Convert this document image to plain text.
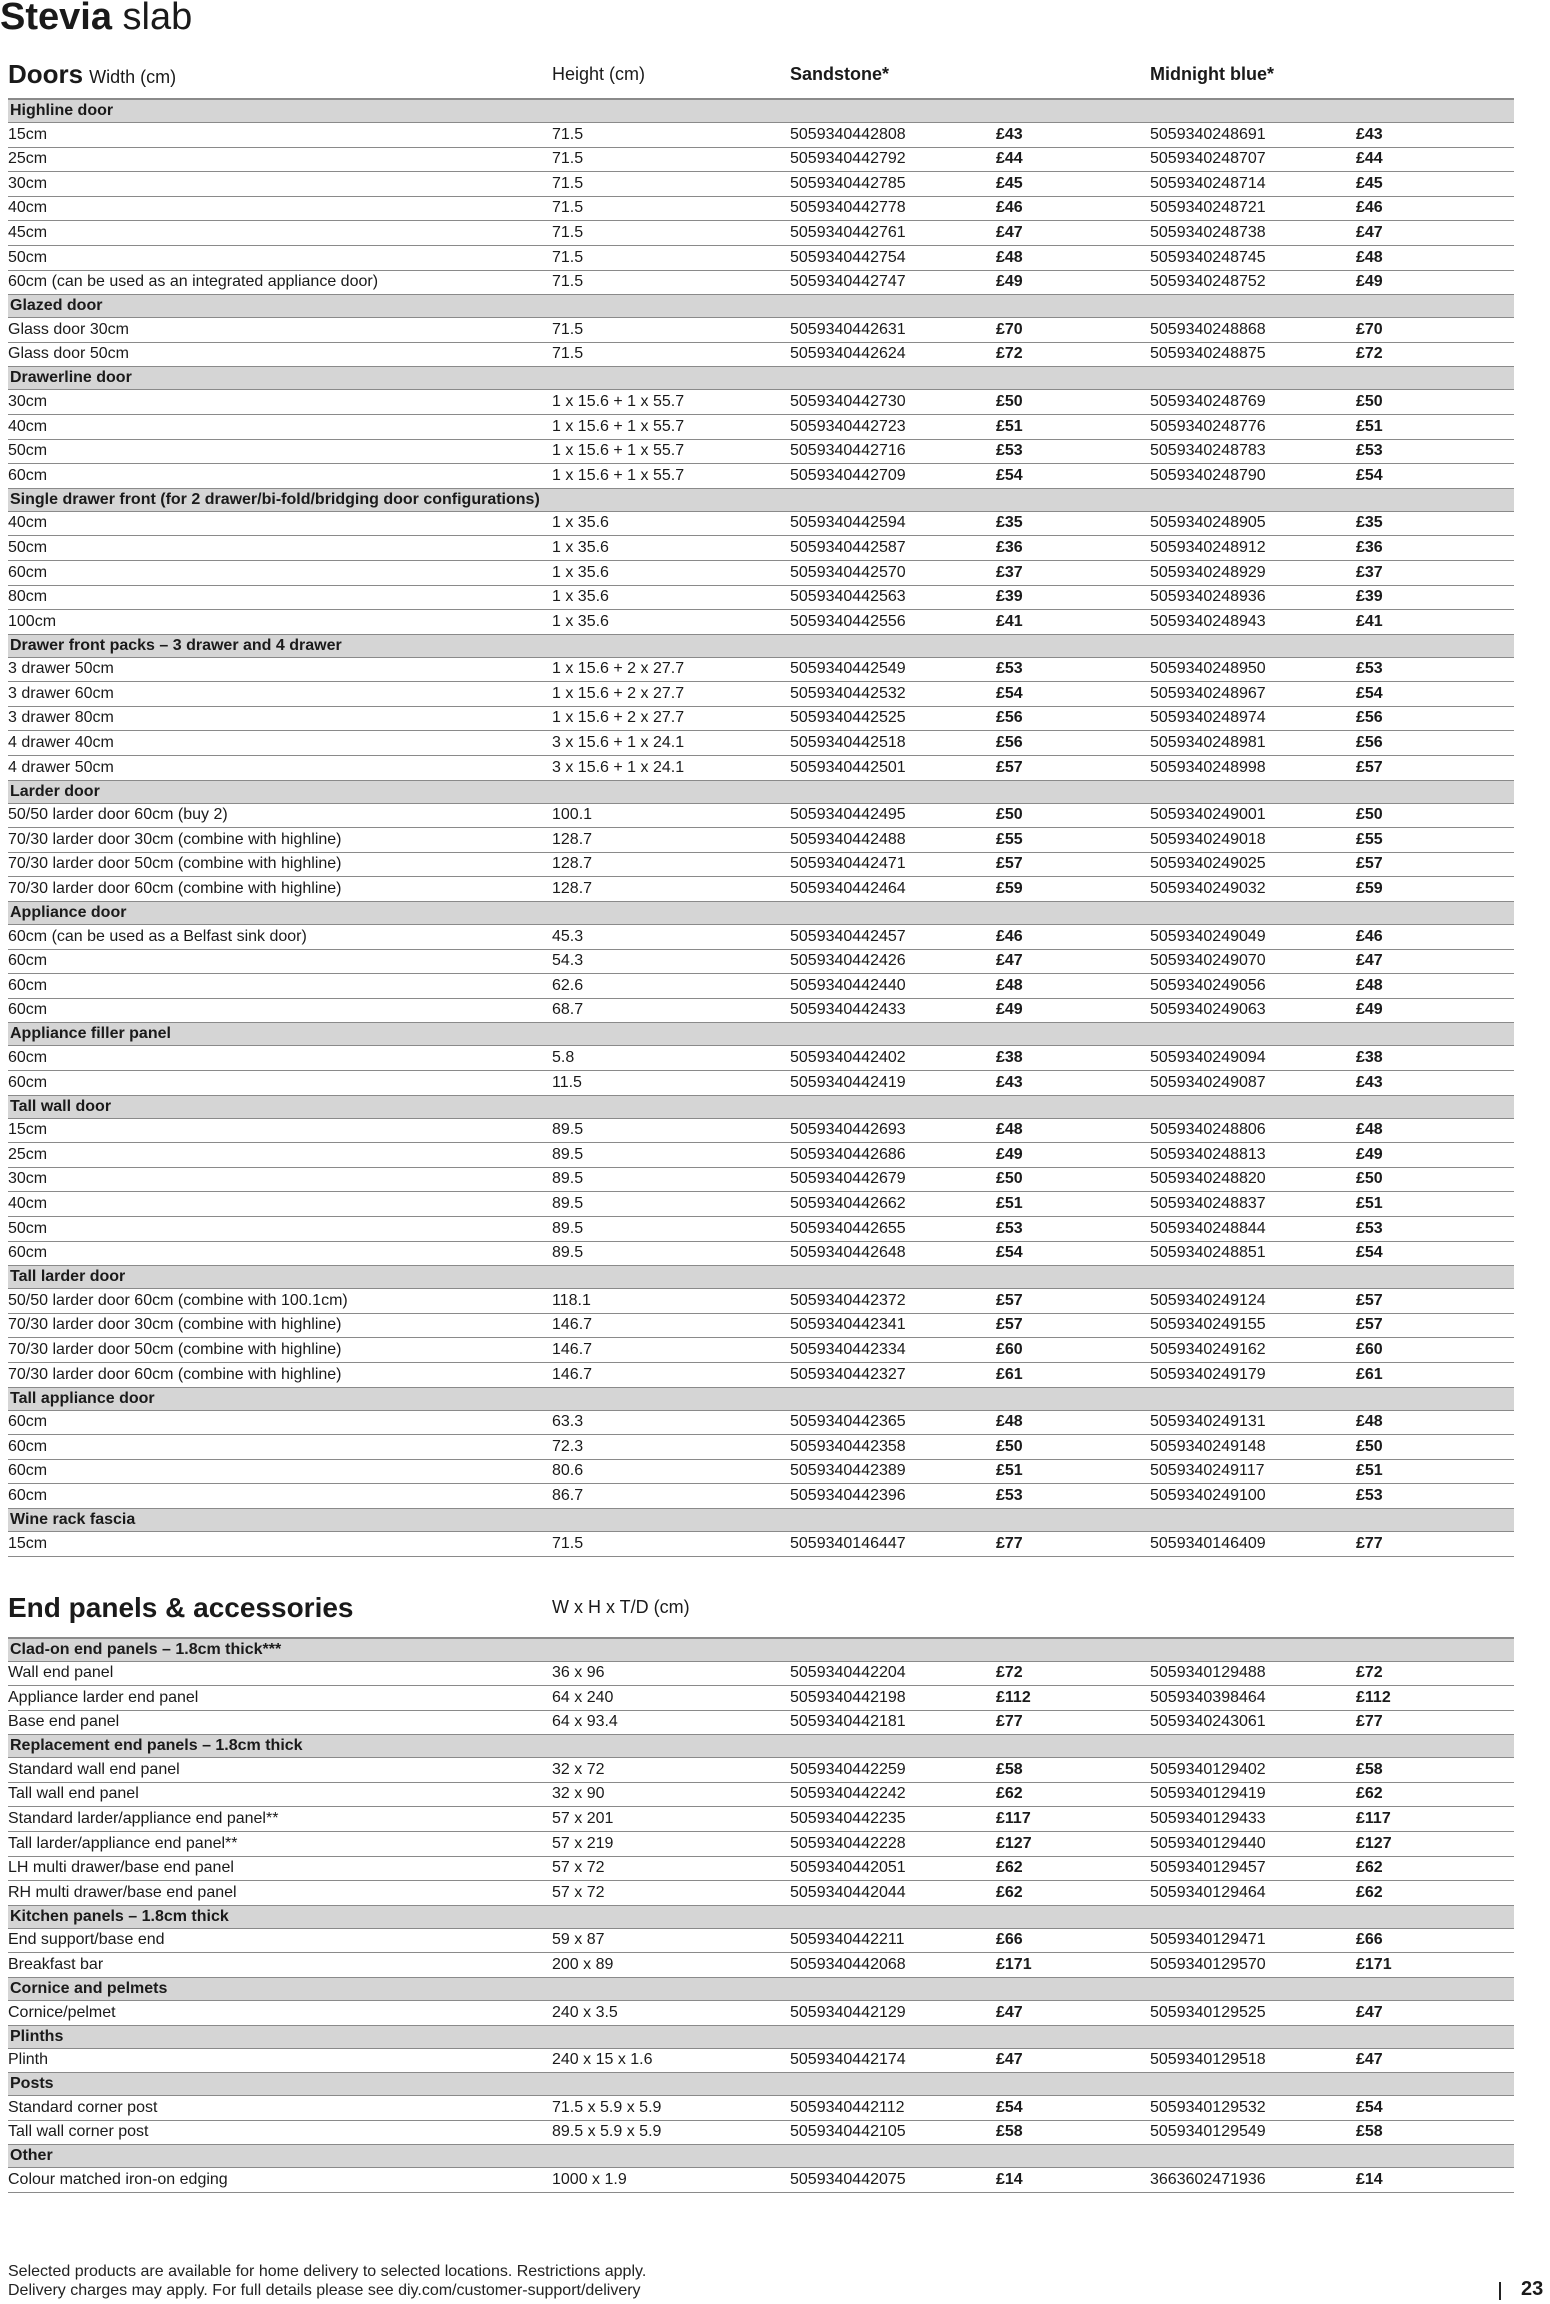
Stevia slab
Doors Width (cm)	Height (cm)	Sandstone*	Midnight blue*
Highline door
15cm	71.5	5059340442808	£43	5059340248691	£43
25cm	71.5	5059340442792	£44	5059340248707	£44
30cm	71.5	5059340442785	£45	5059340248714	£45
40cm	71.5	5059340442778	£46	5059340248721	£46
45cm	71.5	5059340442761	£47	5059340248738	£47
50cm	71.5	5059340442754	£48	5059340248745	£48
60cm (can be used as an integrated appliance door)	71.5	5059340442747	£49	5059340248752	£49
Glazed door
Glass door 30cm	71.5	5059340442631	£70	5059340248868	£70
Glass door 50cm	71.5	5059340442624	£72	5059340248875	£72
Drawerline door
30cm	1 x 15.6 + 1 x 55.7	5059340442730	£50	5059340248769	£50
40cm	1 x 15.6 + 1 x 55.7	5059340442723	£51	5059340248776	£51
50cm	1 x 15.6 + 1 x 55.7	5059340442716	£53	5059340248783	£53
60cm	1 x 15.6 + 1 x 55.7	5059340442709	£54	5059340248790	£54
Single drawer front (for 2 drawer/bi-fold/bridging door configurations)
40cm	1 x 35.6	5059340442594	£35	5059340248905	£35
50cm	1 x 35.6	5059340442587	£36	5059340248912	£36
60cm	1 x 35.6	5059340442570	£37	5059340248929	£37
80cm	1 x 35.6	5059340442563	£39	5059340248936	£39
100cm	1 x 35.6	5059340442556	£41	5059340248943	£41
Drawer front packs – 3 drawer and 4 drawer
3 drawer 50cm	1 x 15.6 + 2 x 27.7	5059340442549	£53	5059340248950	£53
3 drawer 60cm	1 x 15.6 + 2 x 27.7	5059340442532	£54	5059340248967	£54
3 drawer 80cm	1 x 15.6 + 2 x 27.7	5059340442525	£56	5059340248974	£56
4 drawer 40cm	3 x 15.6 + 1 x 24.1	5059340442518	£56	5059340248981	£56
4 drawer 50cm	3 x 15.6 + 1 x 24.1	5059340442501	£57	5059340248998	£57
Larder door
50/50 larder door 60cm (buy 2)	100.1	5059340442495	£50	5059340249001	£50
70/30 larder door 30cm (combine with highline)	128.7	5059340442488	£55	5059340249018	£55
70/30 larder door 50cm (combine with highline)	128.7	5059340442471	£57	5059340249025	£57
70/30 larder door 60cm (combine with highline)	128.7	5059340442464	£59	5059340249032	£59
Appliance door
60cm (can be used as a Belfast sink door)	45.3	5059340442457	£46	5059340249049	£46
60cm	54.3	5059340442426	£47	5059340249070	£47
60cm	62.6	5059340442440	£48	5059340249056	£48
60cm	68.7	5059340442433	£49	5059340249063	£49
Appliance filler panel
60cm	5.8	5059340442402	£38	5059340249094	£38
60cm	11.5	5059340442419	£43	5059340249087	£43
Tall wall door
15cm	89.5	5059340442693	£48	5059340248806	£48
25cm	89.5	5059340442686	£49	5059340248813	£49
30cm	89.5	5059340442679	£50	5059340248820	£50
40cm	89.5	5059340442662	£51	5059340248837	£51
50cm	89.5	5059340442655	£53	5059340248844	£53
60cm	89.5	5059340442648	£54	5059340248851	£54
Tall larder door
50/50 larder door 60cm (combine with 100.1cm)	118.1	5059340442372	£57	5059340249124	£57
70/30 larder door 30cm (combine with highline)	146.7	5059340442341	£57	5059340249155	£57
70/30 larder door 50cm (combine with highline)	146.7	5059340442334	£60	5059340249162	£60
70/30 larder door 60cm (combine with highline)	146.7	5059340442327	£61	5059340249179	£61
Tall appliance door
60cm	63.3	5059340442365	£48	5059340249131	£48
60cm	72.3	5059340442358	£50	5059340249148	£50
60cm	80.6	5059340442389	£51	5059340249117	£51
60cm	86.7	5059340442396	£53	5059340249100	£53
Wine rack fascia
15cm	71.5	5059340146447	£77	5059340146409	£77
End panels & accessories	W x H x T/D (cm)
Clad-on end panels – 1.8cm thick***
Wall end panel	36 x 96	5059340442204	£72	5059340129488	£72
Appliance larder end panel	64 x 240	5059340442198	£112	5059340398464	£112
Base end panel	64 x 93.4	5059340442181	£77	5059340243061	£77
Replacement end panels – 1.8cm thick
Standard wall end panel	32 x 72	5059340442259	£58	5059340129402	£58
Tall wall end panel	32 x 90	5059340442242	£62	5059340129419	£62
Standard larder/appliance end panel**	57 x 201	5059340442235	£117	5059340129433	£117
Tall larder/appliance end panel**	57 x 219	5059340442228	£127	5059340129440	£127
LH multi drawer/base end panel	57 x 72	5059340442051	£62	5059340129457	£62
RH multi drawer/base end panel	57 x 72	5059340442044	£62	5059340129464	£62
Kitchen panels – 1.8cm thick
End support/base end	59 x 87	5059340442211	£66	5059340129471	£66
Breakfast bar	200 x 89	5059340442068	£171	5059340129570	£171
Cornice and pelmets
Cornice/pelmet	240 x 3.5	5059340442129	£47	5059340129525	£47
Plinths
Plinth	240 x 15 x 1.6	5059340442174	£47	5059340129518	£47
Posts
Standard corner post	71.5 x 5.9 x 5.9	5059340442112	£54	5059340129532	£54
Tall wall corner post	89.5 x 5.9 x 5.9	5059340442105	£58	5059340129549	£58
Other
Colour matched iron-on edging	1000 x 1.9	5059340442075	£14	3663602471936	£14
Selected products are available for home delivery to selected locations. Restrictions apply.
Delivery charges may apply. For full details please see diy.com/customer-support/delivery	23
